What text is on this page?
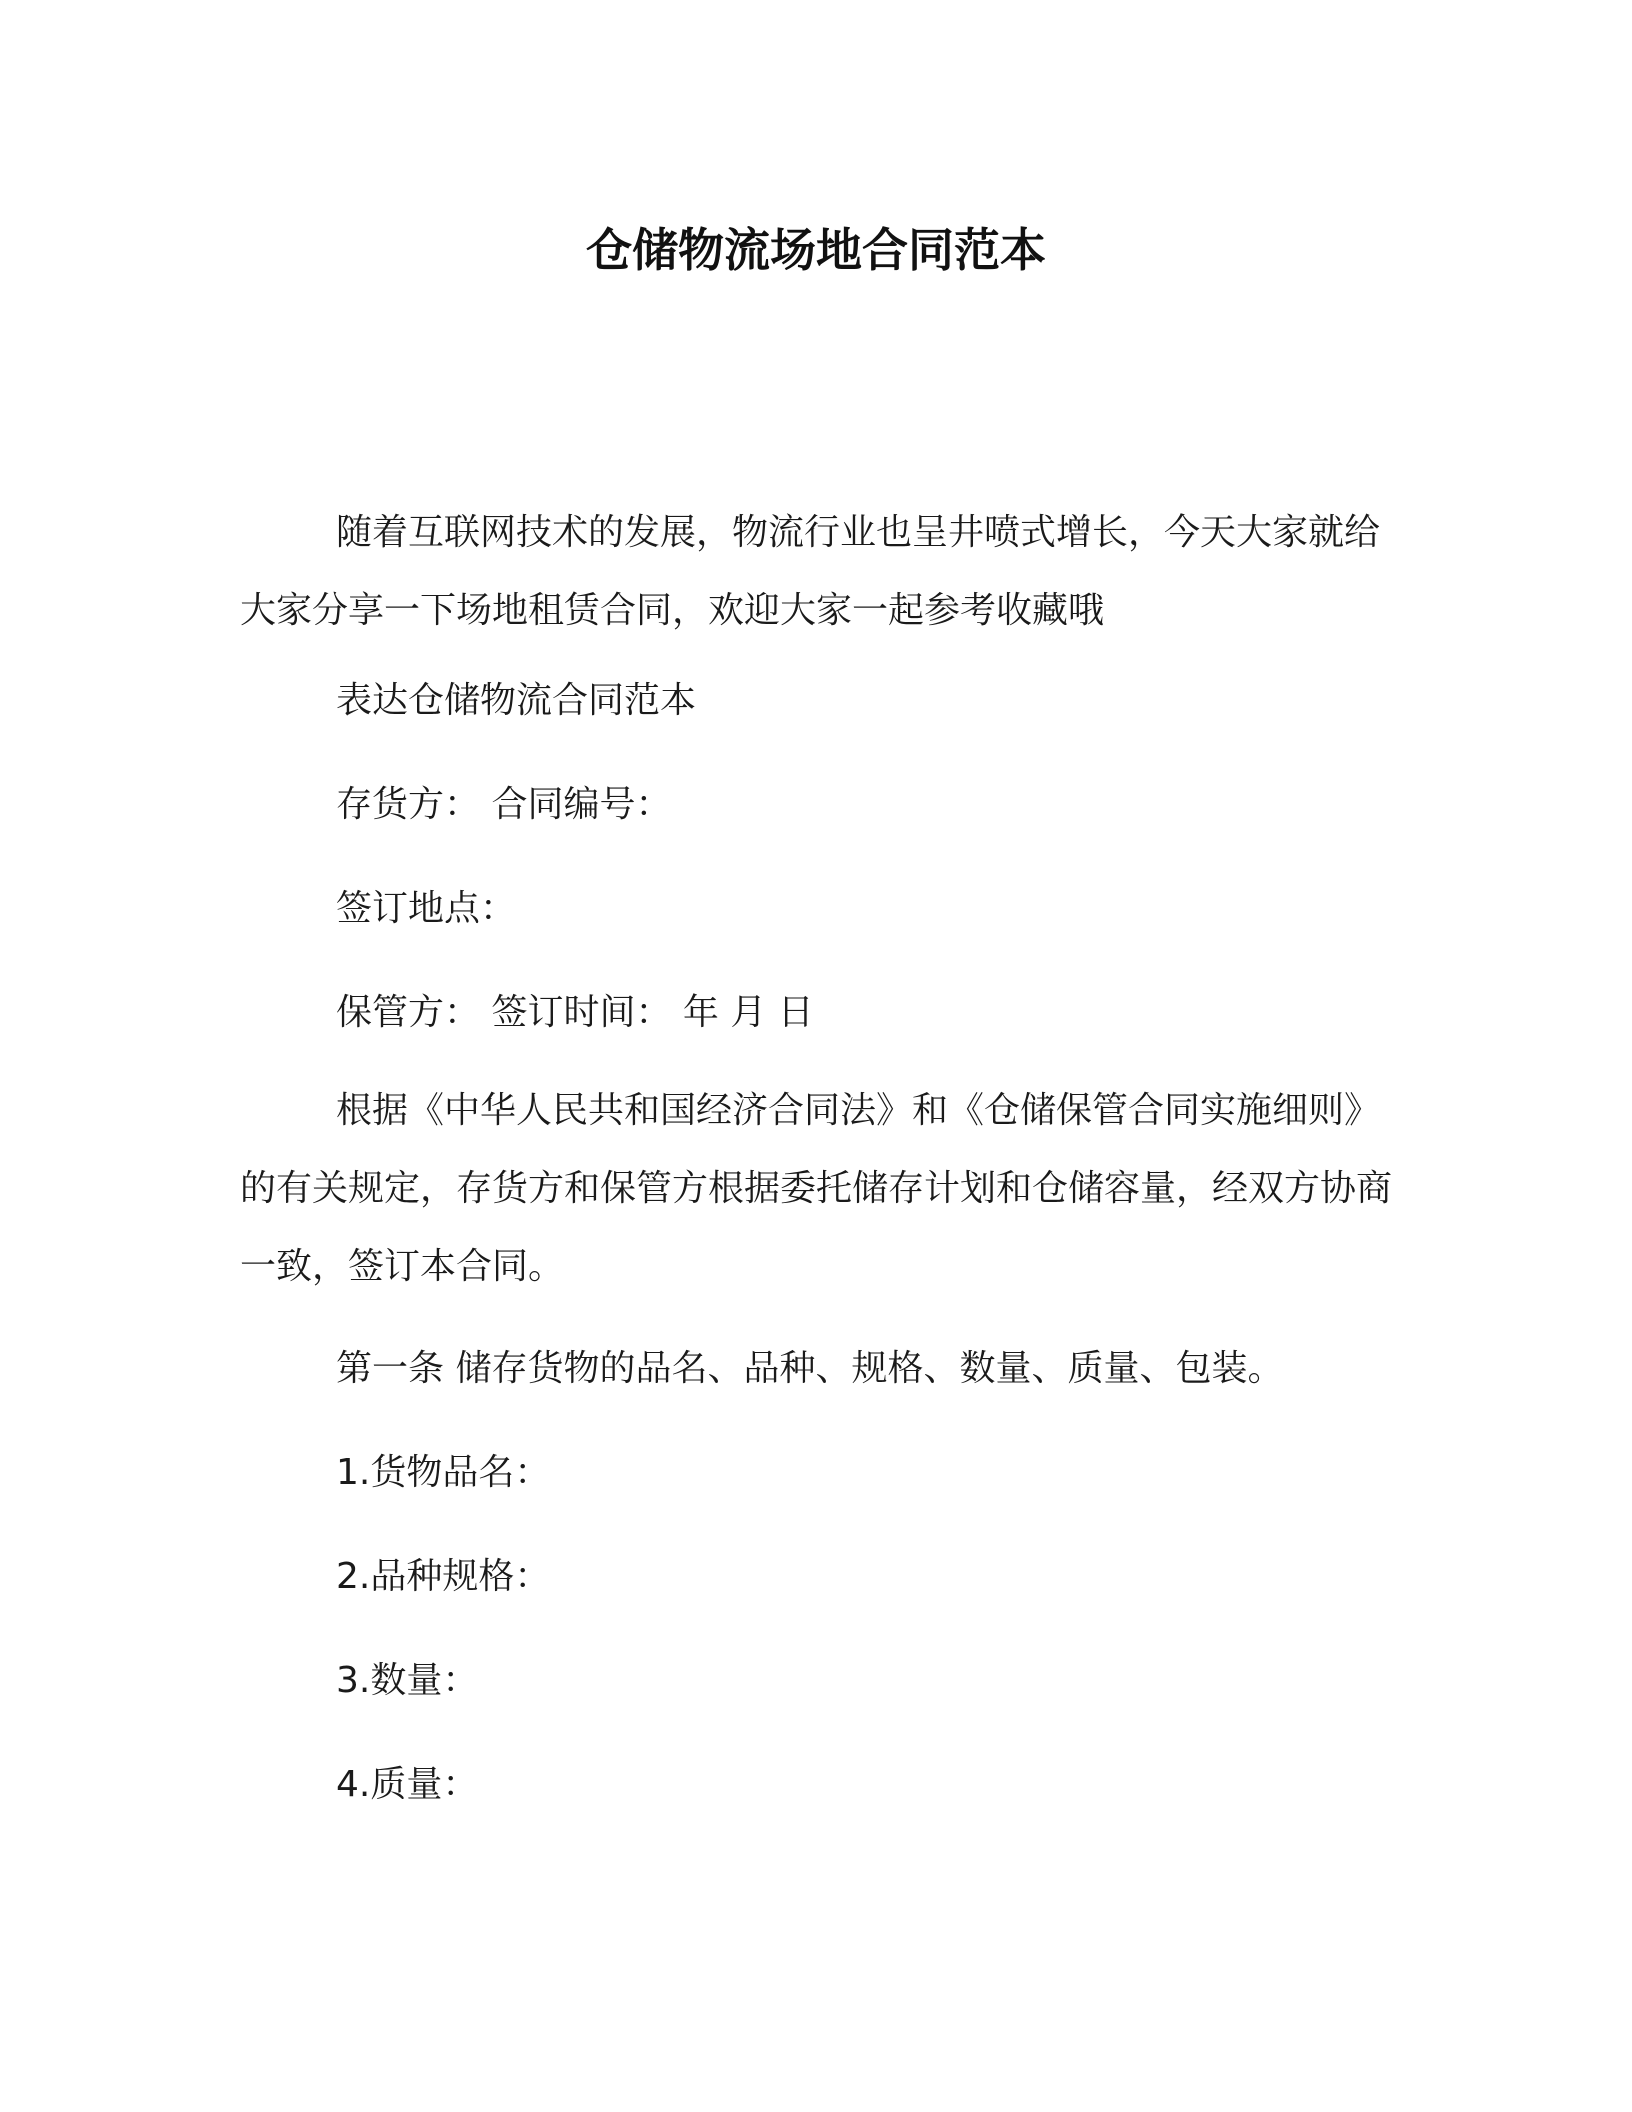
仓储物流场地合同范本

随着互联网技术的发展，物流行业也呈井喷式增长，今天大家就给大家分享一下场地租赁合同，欢迎大家一起参考收藏哦

表达仓储物流合同范本

存货方： 合同编号：

签订地点：

保管方： 签订时间： 年 月 日

根据《中华人民共和国经济合同法》和《仓储保管合同实施细则》的有关规定，存货方和保管方根据委托储存计划和仓储容量，经双方协商一致，签订本合同。

第一条 储存货物的品名、品种、规格、数量、质量、包装。

1.货物品名：

2.品种规格：

3.数量：

4.质量：
